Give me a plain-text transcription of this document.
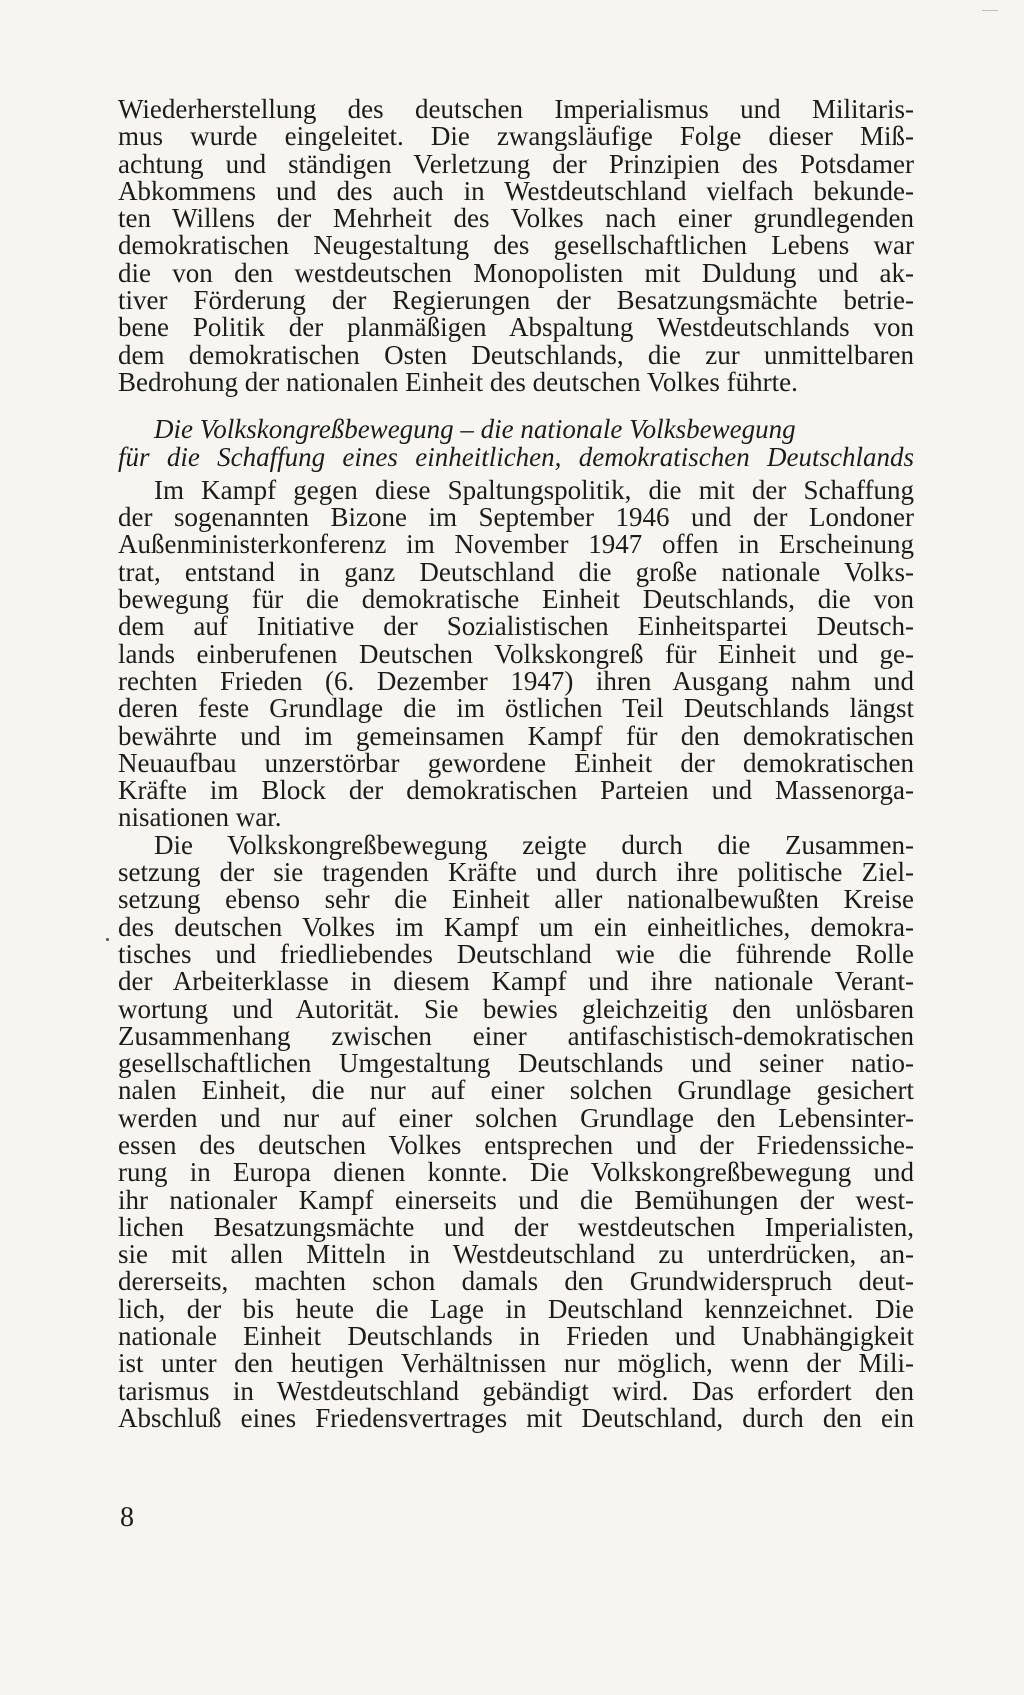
Wiederherstellung des deutschen Imperialismus und Militaris-
mus wurde eingeleitet. Die zwangsläufige Folge dieser Miß-
achtung und ständigen Verletzung der Prinzipien des Potsdamer
Abkommens und des auch in Westdeutschland vielfach bekunde-
ten Willens der Mehrheit des Volkes nach einer grundlegenden
demokratischen Neugestaltung des gesellschaftlichen Lebens war
die von den westdeutschen Monopolisten mit Duldung und ak-
tiver Förderung der Regierungen der Besatzungsmächte betrie-
bene Politik der planmäßigen Abspaltung Westdeutschlands von
dem demokratischen Osten Deutschlands, die zur unmittelbaren
Bedrohung der nationalen Einheit des deutschen Volkes führte.
Die Volkskongreßbewegung – die nationale Volksbewegung
für die Schaffung eines einheitlichen, demokratischen Deutschlands
Im Kampf gegen diese Spaltungspolitik, die mit der Schaffung
der sogenannten Bizone im September 1946 und der Londoner
Außenministerkonferenz im November 1947 offen in Erscheinung
trat, entstand in ganz Deutschland die große nationale Volks-
bewegung für die demokratische Einheit Deutschlands, die von
dem auf Initiative der Sozialistischen Einheitspartei Deutsch-
lands einberufenen Deutschen Volkskongreß für Einheit und ge-
rechten Frieden (6. Dezember 1947) ihren Ausgang nahm und
deren feste Grundlage die im östlichen Teil Deutschlands längst
bewährte und im gemeinsamen Kampf für den demokratischen
Neuaufbau unzerstörbar gewordene Einheit der demokratischen
Kräfte im Block der demokratischen Parteien und Massenorga-
nisationen war.
Die Volkskongreßbewegung zeigte durch die Zusammen-
setzung der sie tragenden Kräfte und durch ihre politische Ziel-
setzung ebenso sehr die Einheit aller nationalbewußten Kreise
des deutschen Volkes im Kampf um ein einheitliches, demokra-
tisches und friedliebendes Deutschland wie die führende Rolle
der Arbeiterklasse in diesem Kampf und ihre nationale Verant-
wortung und Autorität. Sie bewies gleichzeitig den unlösbaren
Zusammenhang zwischen einer antifaschistisch-demokratischen
gesellschaftlichen Umgestaltung Deutschlands und seiner natio-
nalen Einheit, die nur auf einer solchen Grundlage gesichert
werden und nur auf einer solchen Grundlage den Lebensinter-
essen des deutschen Volkes entsprechen und der Friedenssiche-
rung in Europa dienen konnte. Die Volkskongreßbewegung und
ihr nationaler Kampf einerseits und die Bemühungen der west-
lichen Besatzungsmächte und der westdeutschen Imperialisten,
sie mit allen Mitteln in Westdeutschland zu unterdrücken, an-
dererseits, machten schon damals den Grundwiderspruch deut-
lich, der bis heute die Lage in Deutschland kennzeichnet. Die
nationale Einheit Deutschlands in Frieden und Unabhängigkeit
ist unter den heutigen Verhältnissen nur möglich, wenn der Mili-
tarismus in Westdeutschland gebändigt wird. Das erfordert den
Abschluß eines Friedensvertrages mit Deutschland, durch den ein
8
